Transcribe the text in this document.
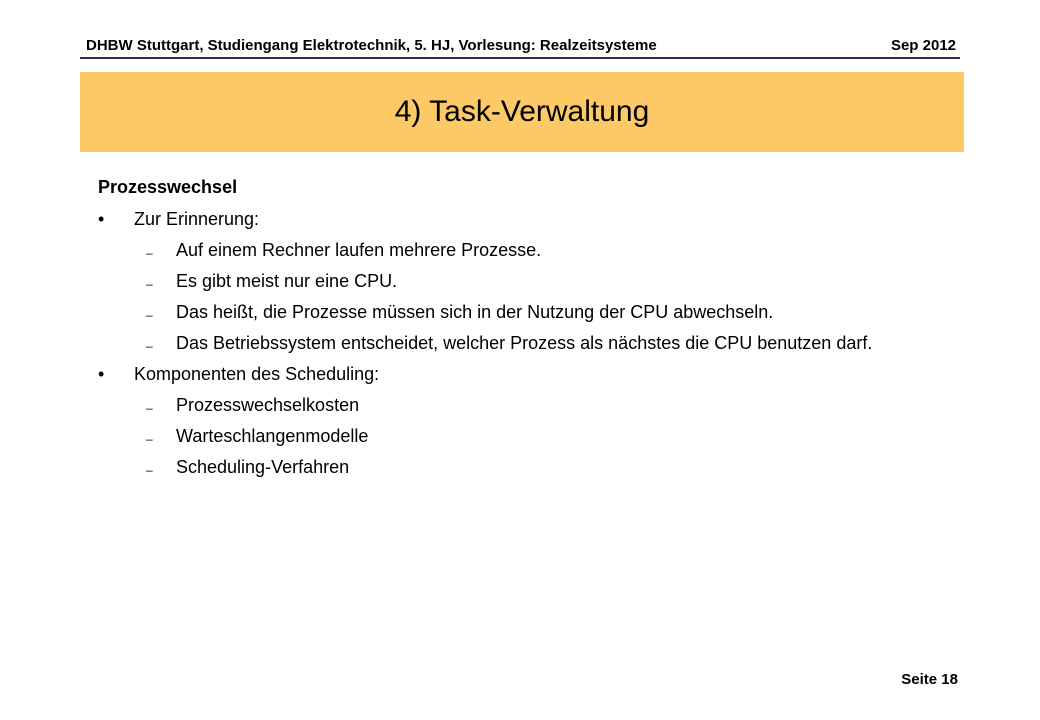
DHBW Stuttgart, Studiengang Elektrotechnik, 5. HJ, Vorlesung: Realzeitsysteme	Sep 2012
4) Task-Verwaltung
Prozesswechsel
•	Zur Erinnerung:
– Auf einem Rechner laufen mehrere Prozesse.
– Es gibt meist nur eine CPU.
– Das heißt, die Prozesse müssen sich in der Nutzung der CPU abwechseln.
– Das Betriebssystem entscheidet, welcher Prozess als nächstes die CPU benutzen darf.
•	Komponenten des Scheduling:
– Prozesswechselkosten
– Warteschlangenmodelle
– Scheduling-Verfahren
Seite 18
